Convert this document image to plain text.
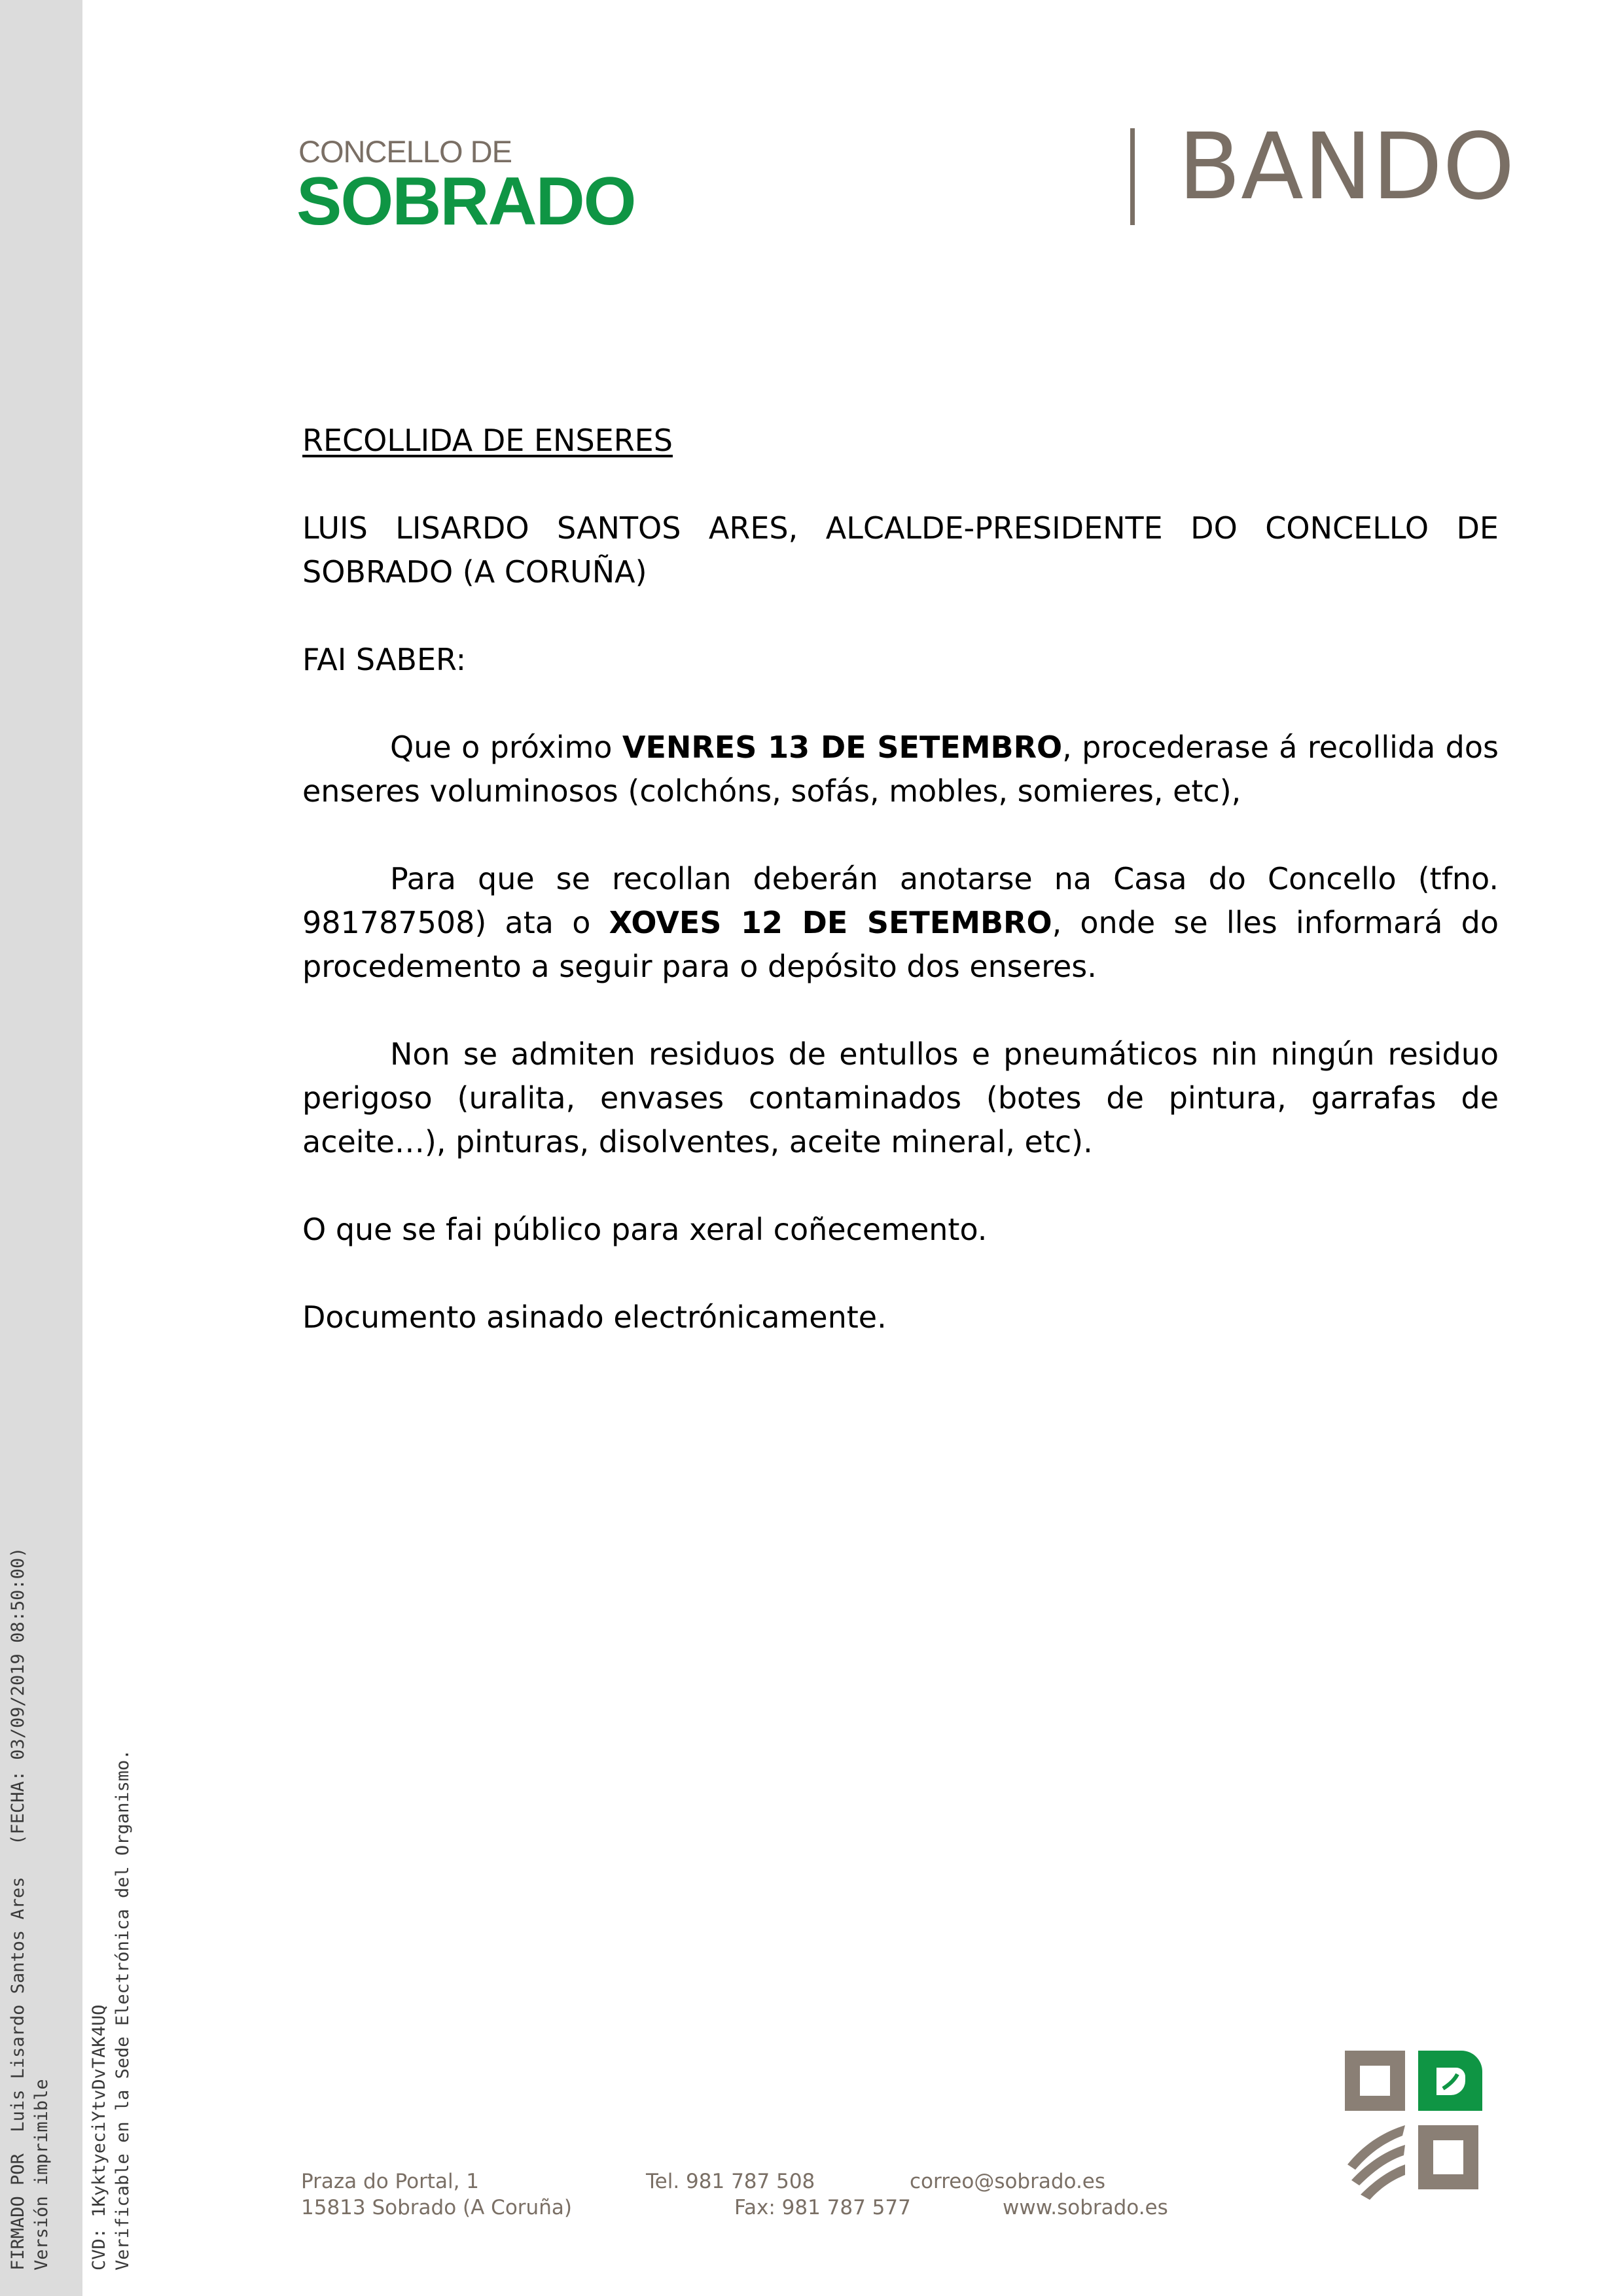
FIRMADO POR  Luis Lisardo Santos Ares   (FECHA: 03/09/2019 08:50:00) Versión imprimible CVD: 1KyktyeciYtvDvTAK4UQ Verificable en la Sede Electrónica del Organismo.
CONCELLO DE
SOBRADO	BANDO

RECOLLIDA DE ENSERES

LUIS LISARDO SANTOS ARES, ALCALDE-PRESIDENTE DO CONCELLO DE SOBRADO (A CORUÑA)

FAI SABER:

Que o próximo VENRES 13 DE SETEMBRO, procederase á recollida dos enseres voluminosos (colchóns, sofás, mobles, somieres, etc),

Para que se recollan deberán anotarse na Casa do Concello (tfno. 981787508) ata o XOVES 12 DE SETEMBRO, onde se lles informará do procedemento a seguir para o depósito dos enseres.

Non se admiten residuos de entullos e pneumáticos nin ningún residuo perigoso (uralita, envases contaminados (botes de pintura, garrafas de aceite…), pinturas, disolventes, aceite mineral, etc).

O que se fai público para xeral coñecemento.

Documento asinado electrónicamente.

Praza do Portal, 1
15813 Sobrado (A Coruña)
Tel. 981 787 508
Fax: 981 787 577
correo@sobrado.es
www.sobrado.es
